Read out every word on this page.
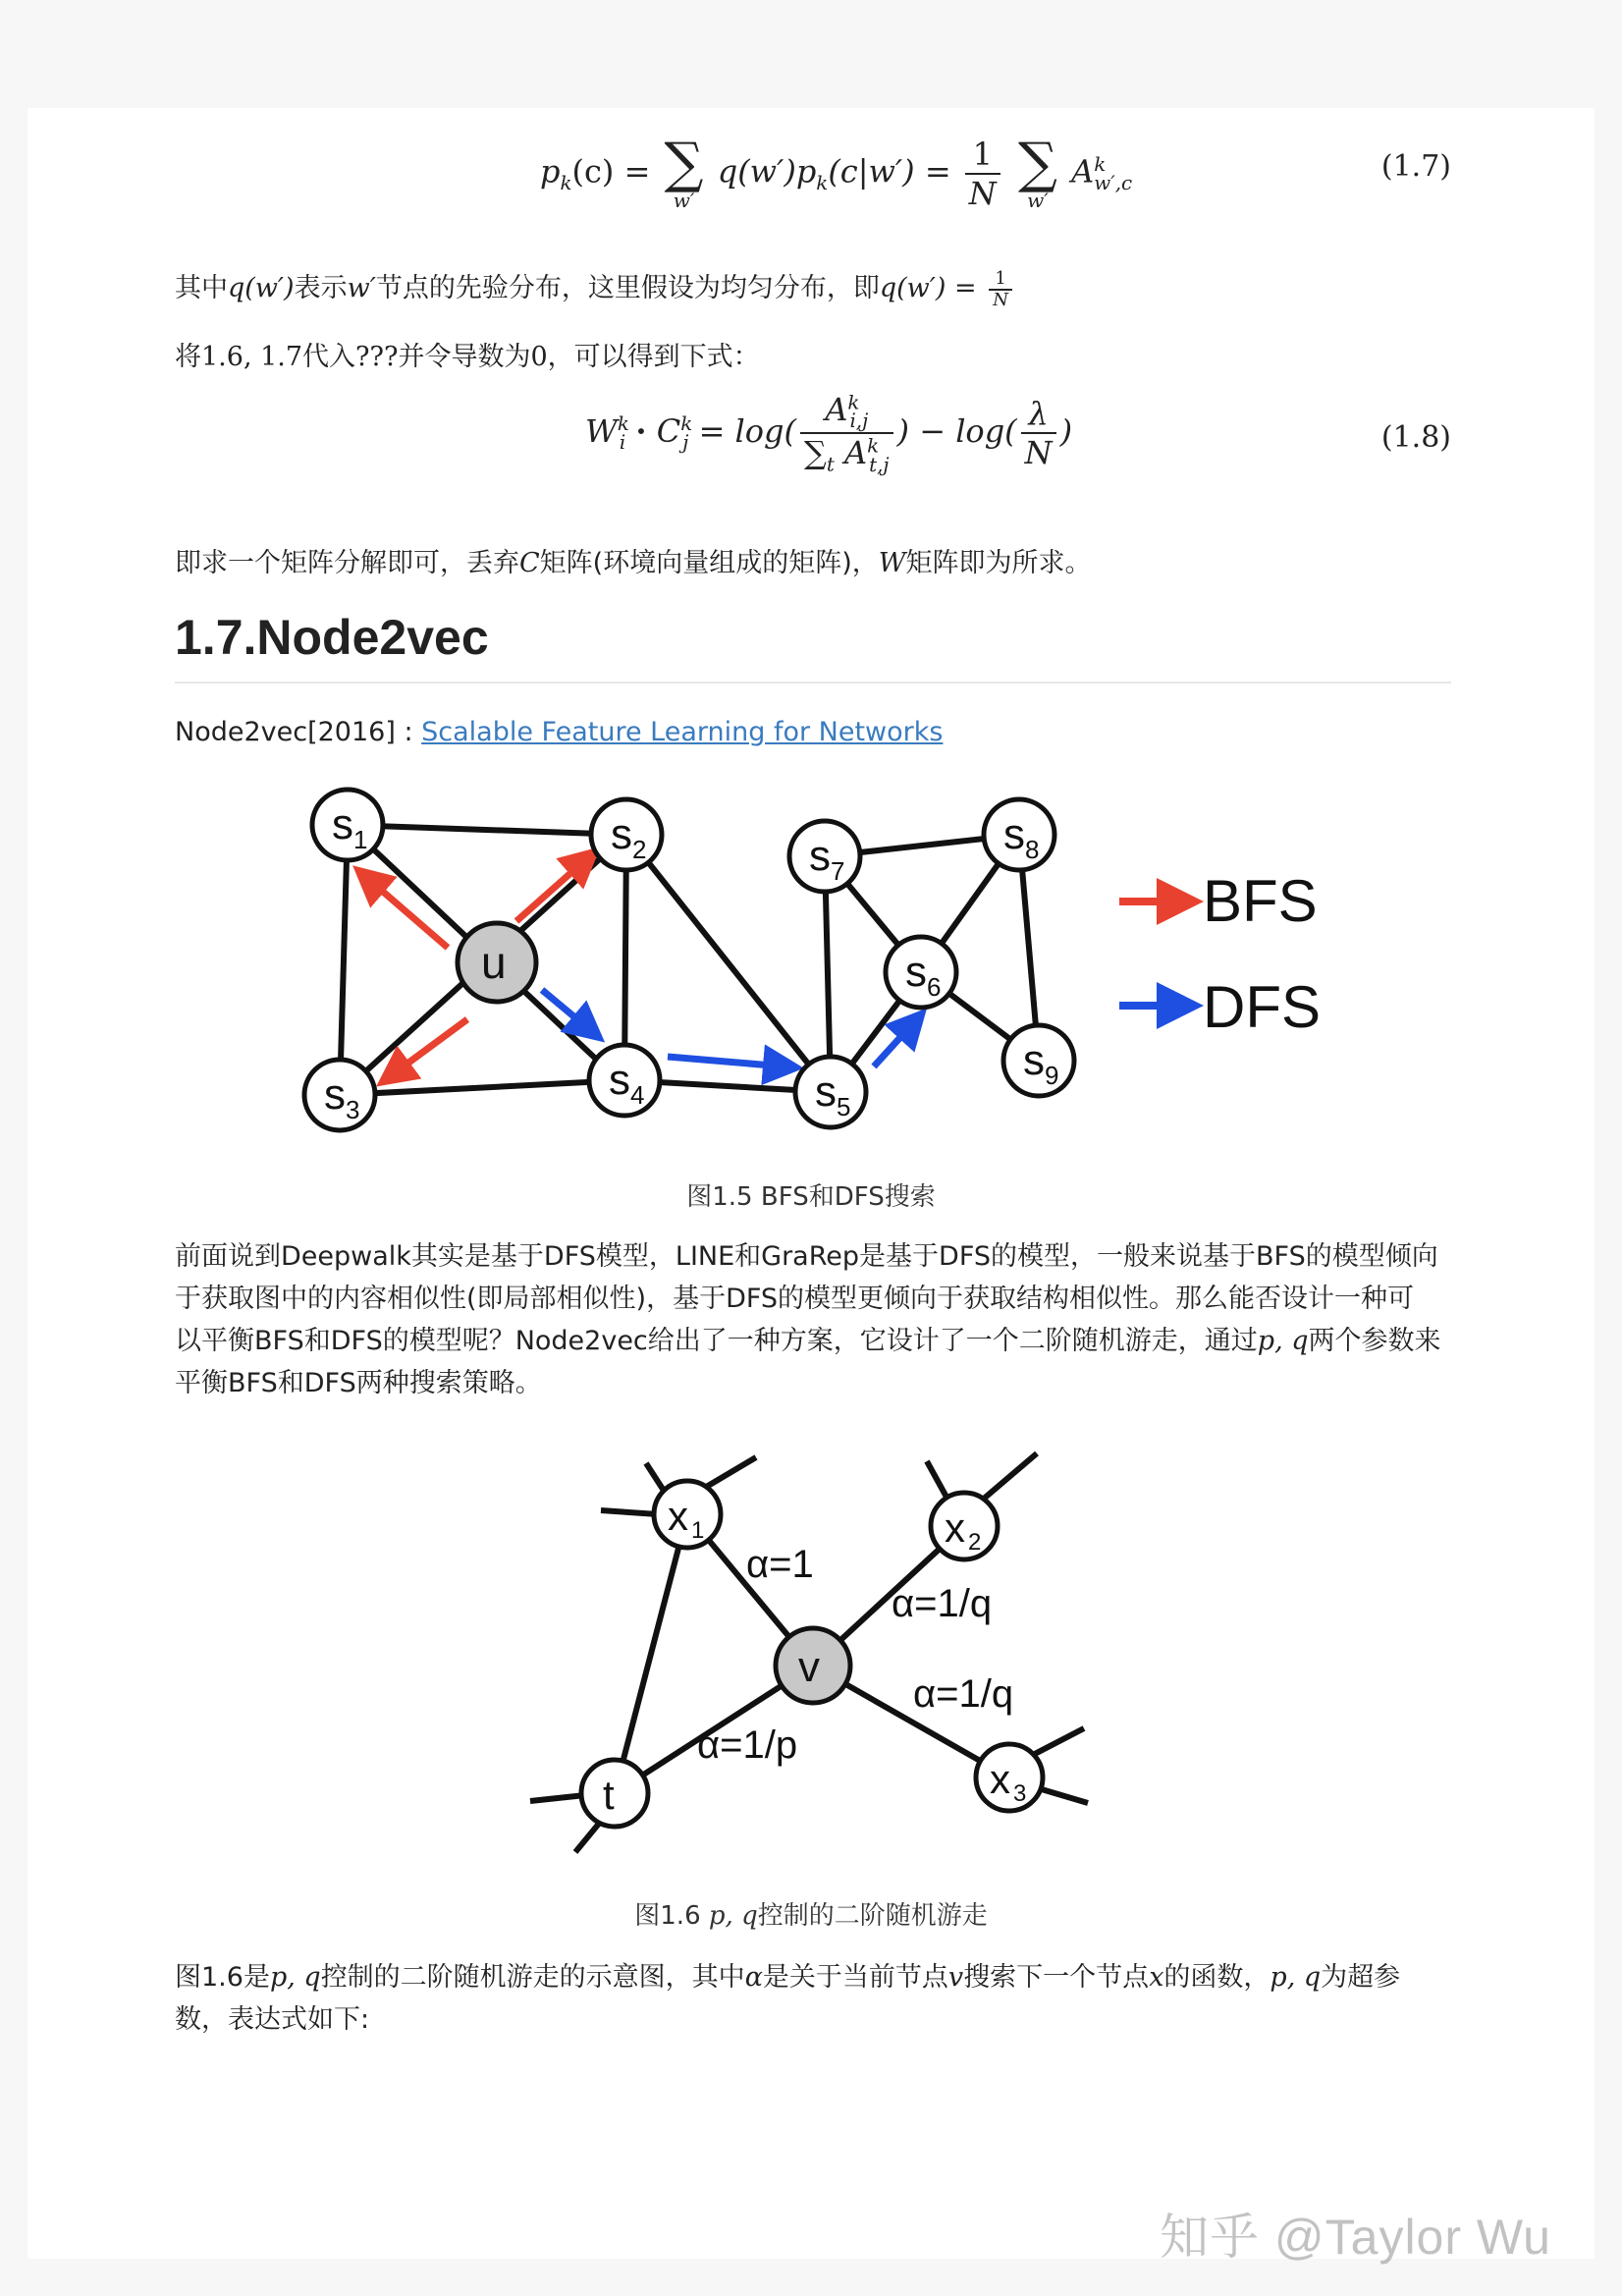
$p_k(c)$ = ∑
w′
$q(w')p_k(c|w') = \frac{1}{N}$
∑
w′
$A^k_{w',c}$	(1.7)
其中q(w′)表示w′节点的先验分布，这里假设为均匀分布，即$q(w') = \frac{1}{N}$
将1.6, 1.7代入???并令导数为0，可以得到下式：
$W^k_i \cdot C^k_j = \log( \frac{A^k_{i,j}}{\sum_t A^k_{t,j}}$ ) − $\log( \frac{\lambda}{N}$ )	(1.8)
即求一个矩阵分解即可，丢弃C矩阵(环境向量组成的矩阵)，W矩阵即为所求。
1.7.Node2vec
Node2vec[2016] : Scalable Feature Learning for Networks
s 1	s 2
s 3
s 4	s 5
s 6
s 7
s 8
s 9
u
BFS
DFS
图1.5 BFS和DFS搜索
前面说到Deepwalk其实是基于DFS模型，LINE和GraRep是基于DFS的模型，一般来说基于BFS的模型倾向
于获取图中的内容相似性(即局部相似性)，基于DFS的模型更倾向于获取结构相似性。那么能否设计一种可
以平衡BFS和DFS的模型呢？Node2vec给出了一种方案，它设计了一个二阶随机游走，通过p, q两个参数来
平衡BFS和DFS两种搜索策略。
x 1	x 2
x 3
t
v
α=1
α=1/q
α=1/q
α=1/p
图1.6 p, q控制的二阶随机游走
图1.6是p, q控制的二阶随机游走的示意图，其中α是关于当前节点v搜索下一个节点x的函数，p, q为超参
数，表达式如下:
知乎 @Taylor Wu
